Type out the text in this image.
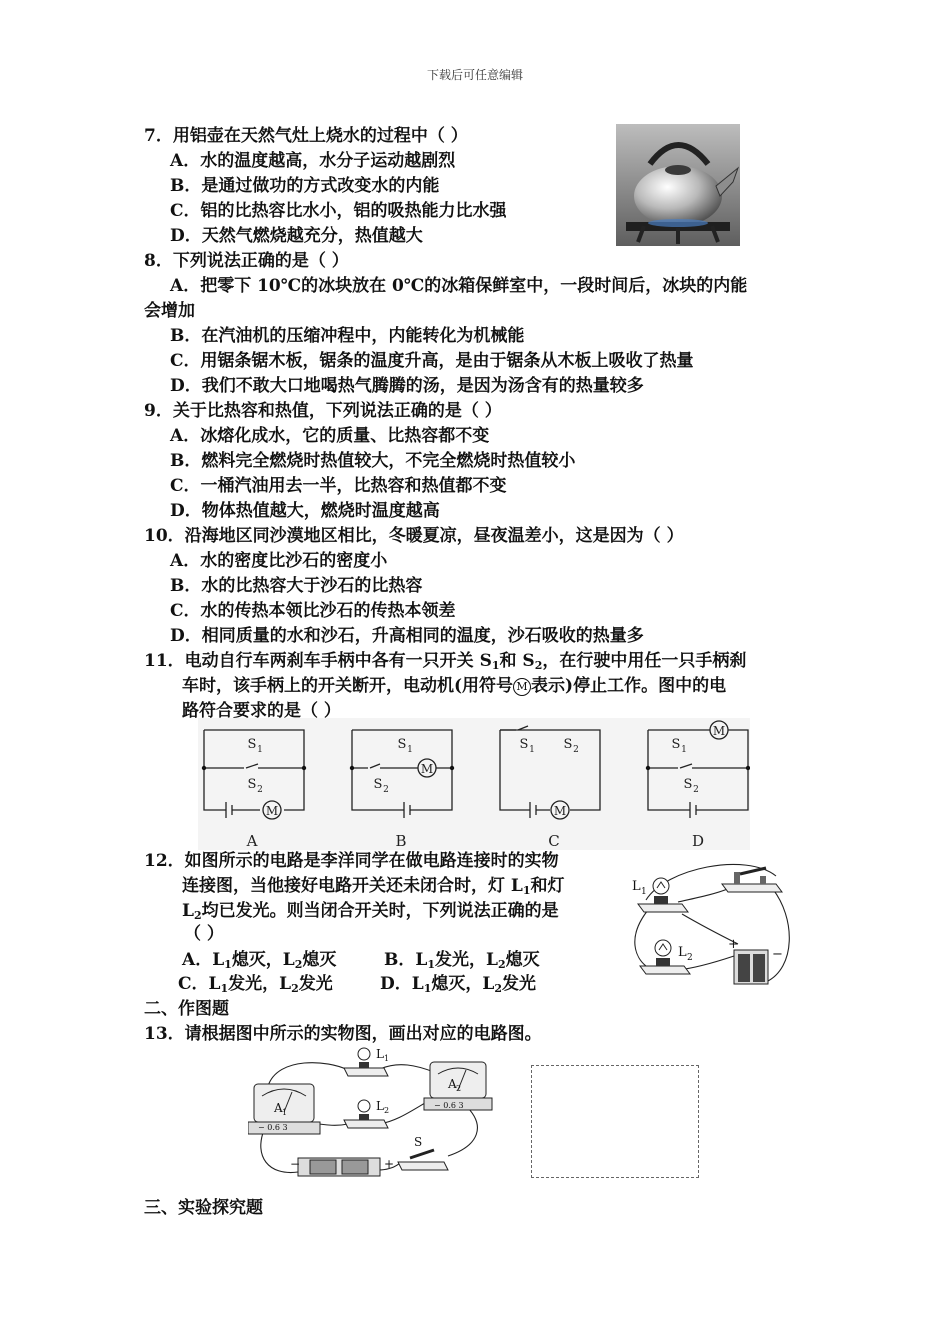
下载后可任意编辑
7．用铝壶在天然气灶上烧水的过程中（ ）
A．水的温度越高，水分子运动越剧烈
B．是通过做功的方式改变水的内能
C．铝的比热容比水小，铝的吸热能力比水强
D．天然气燃烧越充分，热值越大
8．下列说法正确的是（ ）
A．把零下 10℃的冰块放在 0℃的冰箱保鲜室中，一段时间后，冰块的内能
会增加
B．在汽油机的压缩冲程中，内能转化为机械能
C．用锯条锯木板，锯条的温度升高，是由于锯条从木板上吸收了热量
D．我们不敢大口地喝热气腾腾的汤，是因为汤含有的热量较多
9．关于比热容和热值，下列说法正确的是（ ）
A．冰熔化成水，它的质量、比热容都不变
B．燃料完全燃烧时热值较大，不完全燃烧时热值较小
C．一桶汽油用去一半，比热容和热值都不变
D．物体热值越大，燃烧时温度越高
10．沿海地区同沙漠地区相比，冬暖夏凉，昼夜温差小，这是因为（ ）
A．水的密度比沙石的密度小
B．水的比热容大于沙石的比热容
C．水的传热本领比沙石的传热本领差
D．相同质量的水和沙石，升高相同的温度，沙石吸收的热量多
11．电动自行车两刹车手柄中各有一只开关 $S_1$和 $S_2$，在行驶中用任一只手柄刹
车时，该手柄上的开关断开，电动机(用符号 M 表示)停止工作。图中的电
路符合要求的是（ ）
M
M
M
M
S 1
S 2
S 1
S 2
S 1 S 2	S 1
S 2
A	B	C	D
12．如图所示的电路是李洋同学在做电路连接时的实物
连接图，当他接好电路开关还未闭合时，灯 $L_1$和灯
$L_2$均已发光。则当闭合开关时，下列说法正确的是
（ ）
A．$L_1$熄灭，$L_2$熄灭	B．$L_1$发光，$L_2$熄灭
C．$L_1$发光，$L_2$发光	D．$L_1$熄灭，$L_2$发光
L 1
L 2
+
−
二、作图题
13．请根据图中所示的实物图，画出对应的电路图。
L 1
L 2
A 1
A 2
S
−	+
− 0.6 3
− 0.6 3
三、实验探究题
